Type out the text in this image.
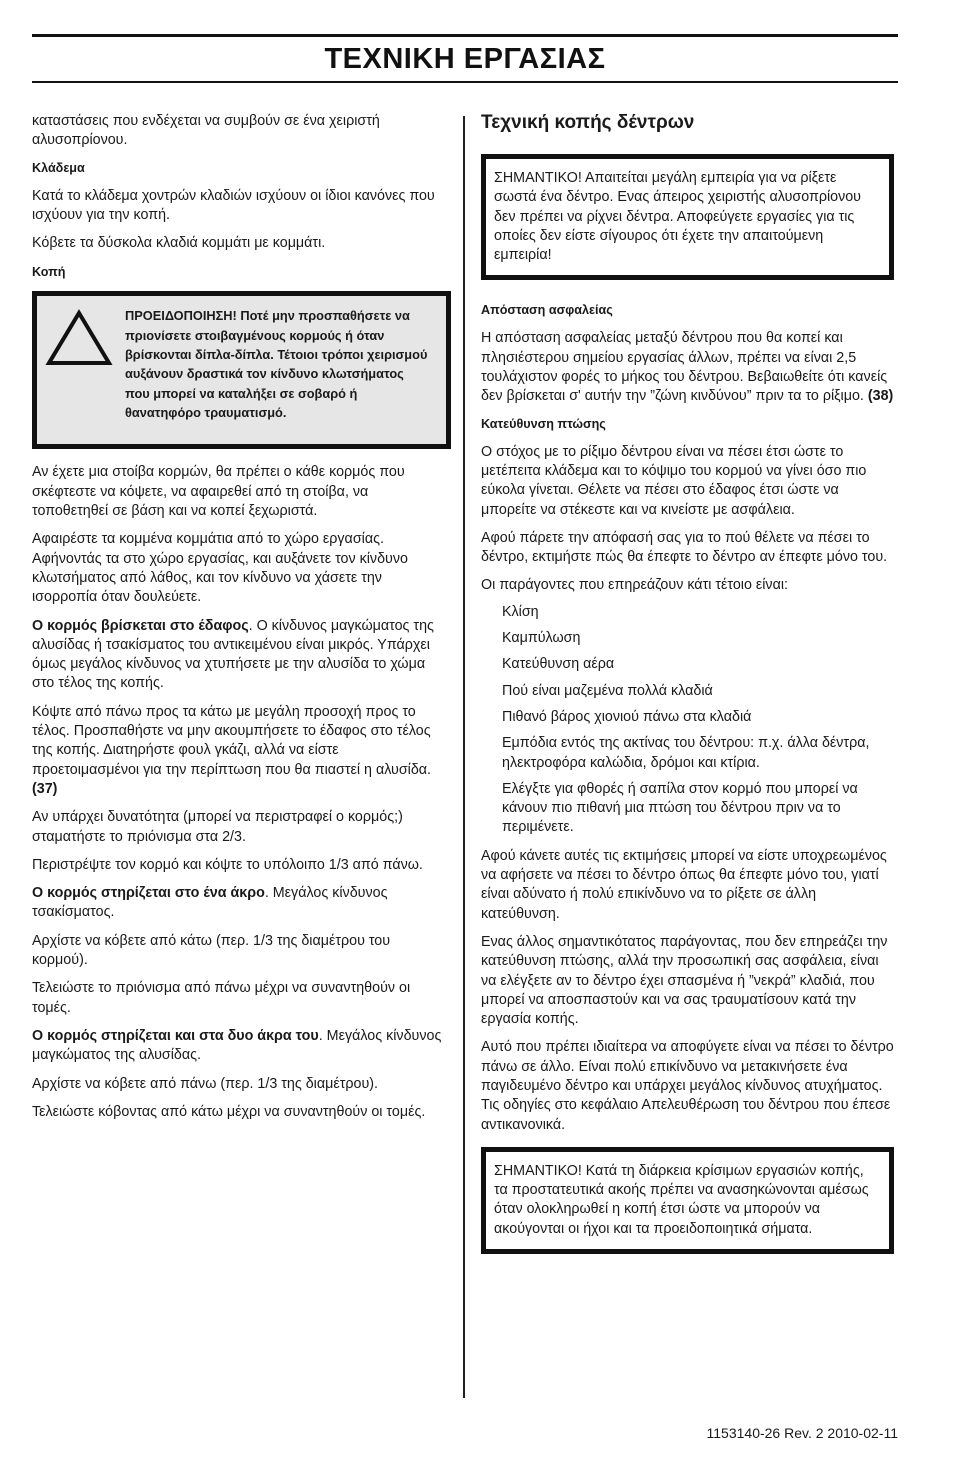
ΤΕΧΝΙΚΗ ΕΡΓΑΣΙΑΣ

καταστάσεις που ενδέχεται να συμβούν σε ένα χειριστή αλυσοπρίονου.

Κλάδεμα

Κατά το κλάδεμα χοντρών κλαδιών ισχύουν οι ίδιοι κανόνες που ισχύουν για την κοπή.

Κόβετε τα δύσκολα κλαδιά κομμάτι με κομμάτι.

Κοπή

ΠΡΟΕΙΔΟΠΟΙΗΣΗ! Ποτέ μην προσπαθήσετε να πριονίσετε στοιβαγμένους κορμούς ή όταν βρίσκονται δίπλα-δίπλα. Τέτοιοι τρόποι χειρισμού αυξάνουν δραστικά τον κίνδυνο κλωτσήματος που μπορεί να καταλήξει σε σοβαρό ή θανατηφόρο τραυματισμό.

Αν έχετε μια στοίβα κορμών, θα πρέπει ο κάθε κορμός που σκέφτεστε να κόψετε, να αφαιρεθεί από τη στοίβα, να τοποθετηθεί σε βάση και να κοπεί ξεχωριστά.

Αφαιρέστε τα κομμένα κομμάτια από το χώρο εργασίας. Αφήνοντάς τα στο χώρο εργασίας, και αυξάνετε τον κίνδυνο κλωτσήματος από λάθος, και τον κίνδυνο να χάσετε την ισορροπία όταν δουλεύετε.

Ο κορμός βρίσκεται στο έδαφος. Ο κίνδυνος μαγκώματος της αλυσίδας ή τσακίσματος του αντικειμένου είναι μικρός. Υπάρχει όμως μεγάλος κίνδυνος να χτυπήσετε με την αλυσίδα το χώμα στο τέλος της κοπής.

Κόψτε από πάνω προς τα κάτω με μεγάλη προσοχή προς το τέλος. Προσπαθήστε να μην ακουμπήσετε το έδαφος στο τέλος της κοπής. Διατηρήστε φουλ γκάζι, αλλά να είστε προετοιμασμένοι για την περίπτωση που θα πιαστεί η αλυσίδα. (37)

Αν υπάρχει δυνατότητα (μπορεί να περιστραφεί ο κορμός;) σταματήστε το πριόνισμα στα 2/3.

Περιστρέψτε τον κορμό και κόψτε το υπόλοιπο 1/3 από πάνω.

Ο κορμός στηρίζεται στο ένα άκρο. Μεγάλος κίνδυνος τσακίσματος.

Αρχίστε να κόβετε από κάτω (περ. 1/3 της διαμέτρου του κορμού).

Τελειώστε το πριόνισμα από πάνω μέχρι να συναντηθούν οι τομές.

Ο κορμός στηρίζεται και στα δυο άκρα του. Μεγάλος κίνδυνος μαγκώματος της αλυσίδας.

Αρχίστε να κόβετε από πάνω (περ. 1/3 της διαμέτρου).

Τελειώστε κόβοντας από κάτω μέχρι να συναντηθούν οι τομές.

Τεχνική κοπής δέντρων

ΣΗΜΑΝΤΙΚΟ! Απαιτείται μεγάλη εμπειρία για να ρίξετε σωστά ένα δέντρο. Ενας άπειρος χειριστής αλυσοπρίονου δεν πρέπει να ρίχνει δέντρα. Αποφεύγετε εργασίες για τις οποίες δεν είστε σίγουρος ότι έχετε την απαιτούμενη εμπειρία!

Απόσταση ασφαλείας

Η απόσταση ασφαλείας μεταξύ δέντρου που θα κοπεί και πλησιέστερου σημείου εργασίας άλλων, πρέπει να είναι 2,5 τουλάχιστον φορές το μήκος του δέντρου. Βεβαιωθείτε ότι κανείς δεν βρίσκεται σ' αυτήν την ”ζώνη κινδύνου” πριν τα το ρίξιμο. (38)

Κατεύθυνση πτώσης

Ο στόχος με το ρίξιμο δέντρου είναι να πέσει έτσι ώστε το μετέπειτα κλάδεμα και το κόψιμο του κορμού να γίνει όσο πιο εύκολα γίνεται. Θέλετε να πέσει στο έδαφος έτσι ώστε να μπορείτε να στέκεστε και να κινείστε με ασφάλεια.

Αφού πάρετε την απόφασή σας για το πού θέλετε να πέσει το δέντρο, εκτιμήστε πώς θα έπεφτε το δέντρο αν έπεφτε μόνο του.

Οι παράγοντες που επηρεάζουν κάτι τέτοιο είναι:

Κλίση

Καμπύλωση

Κατεύθυνση αέρα

Πού είναι μαζεμένα πολλά κλαδιά

Πιθανό βάρος χιονιού πάνω στα κλαδιά

Εμπόδια εντός της ακτίνας του δέντρου: π.χ. άλλα δέντρα, ηλεκτροφόρα καλώδια, δρόμοι και κτίρια.

Ελέγξτε για φθορές ή σαπίλα στον κορμό που μπορεί να κάνουν πιο πιθανή μια πτώση του δέντρου πριν να το περιμένετε.

Αφού κάνετε αυτές τις εκτιμήσεις μπορεί να είστε υποχρεωμένος να αφήσετε να πέσει το δέντρο όπως θα έπεφτε μόνο του, γιατί είναι αδύνατο ή πολύ επικίνδυνο να το ρίξετε σε άλλη κατεύθυνση.

Ενας άλλος σημαντικότατος παράγοντας, που δεν επηρεάζει την κατεύθυνση πτώσης, αλλά την προσωπική σας ασφάλεια, είναι να ελέγξετε αν το δέντρο έχει σπασμένα ή ”νεκρά” κλαδιά, που μπορεί να αποσπαστούν και να σας τραυματίσουν κατά την εργασία κοπής.

Αυτό που πρέπει ιδιαίτερα να αποφύγετε είναι να πέσει το δέντρο πάνω σε άλλο. Είναι πολύ επικίνδυνο να μετακινήσετε ένα παγιδευμένο δέντρο και υπάρχει μεγάλος κίνδυνος ατυχήματος. Τις οδηγίες στο κεφάλαιο Απελευθέρωση του δέντρου που έπεσε αντικανονικά.

ΣΗΜΑΝΤΙΚΟ! Κατά τη διάρκεια κρίσιμων εργασιών κοπής, τα προστατευτικά ακοής πρέπει να ανασηκώνονται αμέσως όταν ολοκληρωθεί η κοπή έτσι ώστε να μπορούν να ακούγονται οι ήχοι και τα προειδοποιητικά σήματα.

1153140-26 Rev. 2 2010-02-11
